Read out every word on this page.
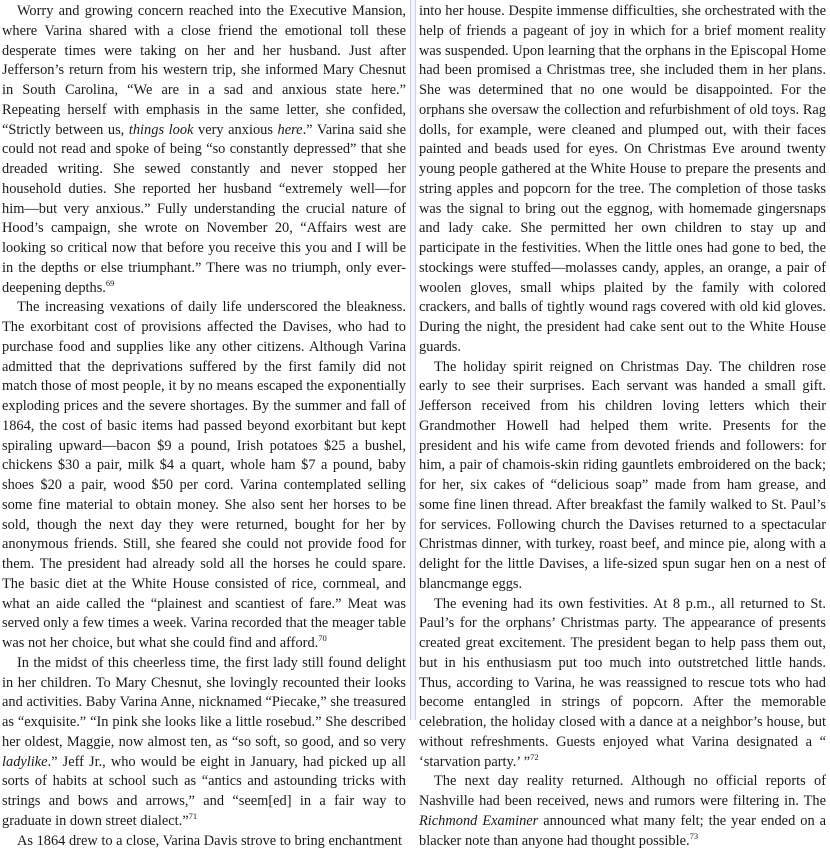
Worry and growing concern reached into the Executive Mansion, where Varina shared with a close friend the emotional toll these desperate times were taking on her and her husband. Just after Jefferson’s return from his western trip, she informed Mary Chesnut in South Carolina, “We are in a sad and anxious state here.” Repeating herself with emphasis in the same letter, she confided, “Strictly between us, things look very anxious here.” Varina said she could not read and spoke of being “so constantly depressed” that she dreaded writing. She sewed constantly and never stopped her household duties. She reported her husband “extremely well—for him—but very anxious.” Fully understanding the crucial nature of Hood’s campaign, she wrote on November 20, “Affairs west are looking so critical now that before you receive this you and I will be in the depths or else triumphant.” There was no triumph, only ever-deepening depths.$^{69}$

The increasing vexations of daily life underscored the bleakness. The exorbitant cost of provisions affected the Davises, who had to purchase food and supplies like any other citizens. Although Varina admitted that the deprivations suffered by the first family did not match those of most people, it by no means escaped the exponentially exploding prices and the severe shortages. By the summer and fall of 1864, the cost of basic items had passed beyond exorbitant but kept spiraling upward—bacon $9 a pound, Irish potatoes $25 a bushel, chickens $30 a pair, milk $4 a quart, whole ham $7 a pound, baby shoes $20 a pair, wood $50 per cord. Varina contemplated selling some fine material to obtain money. She also sent her horses to be sold, though the next day they were returned, bought for her by anonymous friends. Still, she feared she could not provide food for them. The president had already sold all the horses he could spare. The basic diet at the White House consisted of rice, cornmeal, and what an aide called the “plainest and scantiest of fare.” Meat was served only a few times a week. Varina recorded that the meager table was not her choice, but what she could find and afford.$^{70}$

In the midst of this cheerless time, the first lady still found delight in her children. To Mary Chesnut, she lovingly recounted their looks and activities. Baby Varina Anne, nicknamed “Piecake,” she treasured as “exquisite.” “In pink she looks like a little rosebud.” She described her oldest, Maggie, now almost ten, as “so soft, so good, and so very ladylike.” Jeff Jr., who would be eight in January, had picked up all sorts of habits at school such as “antics and astounding tricks with strings and bows and arrows,” and “seem[ed] in a fair way to graduate in down street dialect.”$^{71}$

As 1864 drew to a close, Varina Davis strove to bring enchantment

into her house. Despite immense difficulties, she orchestrated with the help of friends a pageant of joy in which for a brief moment reality was suspended. Upon learning that the orphans in the Episcopal Home had been promised a Christmas tree, she included them in her plans. She was determined that no one would be disappointed. For the orphans she oversaw the collection and refurbishment of old toys. Rag dolls, for example, were cleaned and plumped out, with their faces painted and beads used for eyes. On Christmas Eve around twenty young people gathered at the White House to prepare the presents and string apples and popcorn for the tree. The completion of those tasks was the signal to bring out the eggnog, with homemade gingersnaps and lady cake. She permitted her own children to stay up and participate in the festivities. When the little ones had gone to bed, the stockings were stuffed—molasses candy, apples, an orange, a pair of woolen gloves, small whips plaited by the family with colored crackers, and balls of tightly wound rags covered with old kid gloves. During the night, the president had cake sent out to the White House guards.

The holiday spirit reigned on Christmas Day. The children rose early to see their surprises. Each servant was handed a small gift. Jefferson received from his children loving letters which their Grandmother Howell had helped them write. Presents for the president and his wife came from devoted friends and followers: for him, a pair of chamois-skin riding gauntlets embroidered on the back; for her, six cakes of “delicious soap” made from ham grease, and some fine linen thread. After breakfast the family walked to St. Paul’s for services. Following church the Davises returned to a spectacular Christmas dinner, with turkey, roast beef, and mince pie, along with a delight for the little Davises, a life-sized spun sugar hen on a nest of blancmange eggs.

The evening had its own festivities. At 8 p.m., all returned to St. Paul’s for the orphans’ Christmas party. The appearance of presents created great excitement. The president began to help pass them out, but in his enthusiasm put too much into outstretched little hands. Thus, according to Varina, he was reassigned to rescue tots who had become entangled in strings of popcorn. After the memorable celebration, the holiday closed with a dance at a neighbor’s house, but without refreshments. Guests enjoyed what Varina designated a “ ‘starvation party.’ ”$^{72}$

The next day reality returned. Although no official reports of Nashville had been received, news and rumors were filtering in. The Richmond Examiner announced what many felt; the year ended on a blacker note than anyone had thought possible.$^{73}$
